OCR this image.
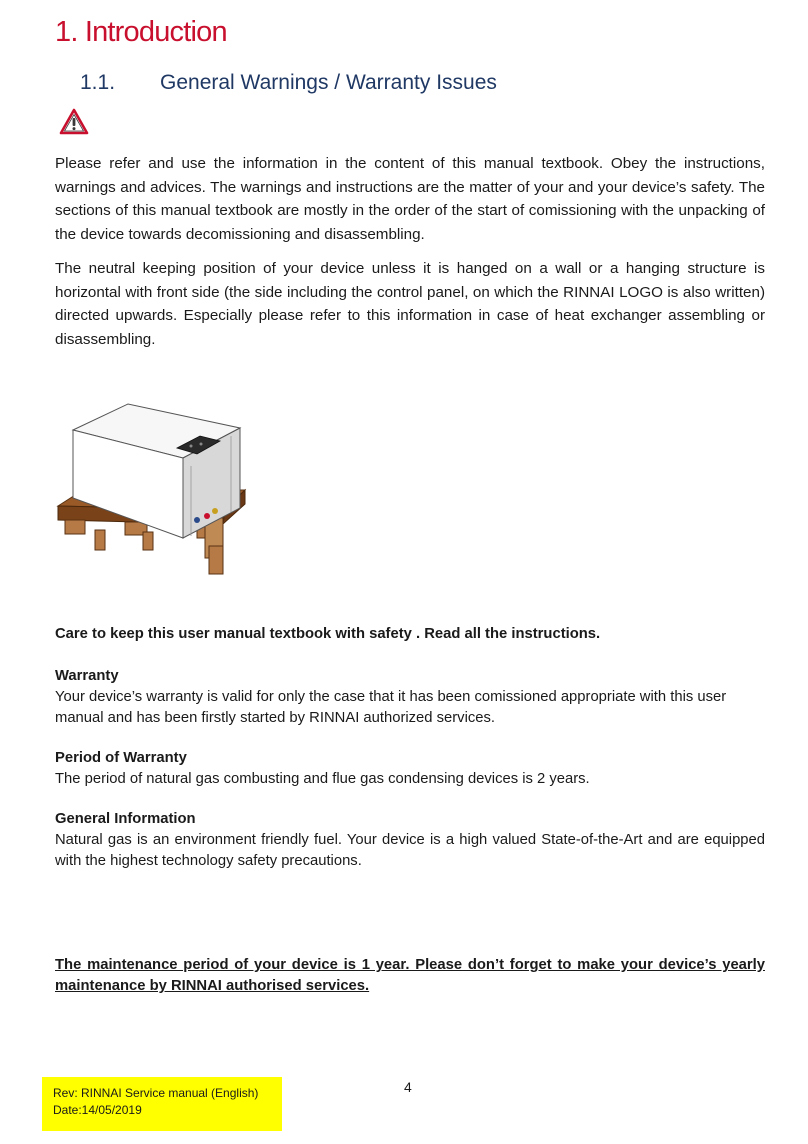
1. Introduction
1.1. General Warnings / Warranty Issues
Please refer and use the information in the content of this manual textbook. Obey the instructions, warnings and advices. The warnings and instructions are the matter of your and your device’s safety. The sections of this manual textbook are mostly in the order of the start of comissioning with the unpacking of the device towards decomissioning and disassembling.
The neutral keeping position of your device unless it is hanged on a wall or a hanging structure is horizontal with front side (the side including the control panel, on which the RINNAI LOGO is also written) directed upwards. Especially please refer to this information in case of heat exchanger assembling or disassembling.
Care to keep this user manual textbook with safety . Read all the instructions.
Warranty
Your device’s warranty is valid for only the case that it has been comissioned appropriate with this user manual and has been firstly started by RINNAI authorized services.
Period of Warranty
The period of natural gas combusting and flue gas condensing devices is 2 years.
General Information
Natural gas is an environment friendly fuel. Your device is a high valued State-of-the-Art and are equipped with the highest technology safety precautions.
The maintenance period of your device is 1 year. Please don’t forget to make your device’s yearly maintenance by RINNAI authorised services.
Rev: RINNAI Service manual (English)
Date:14/05/2019
4
